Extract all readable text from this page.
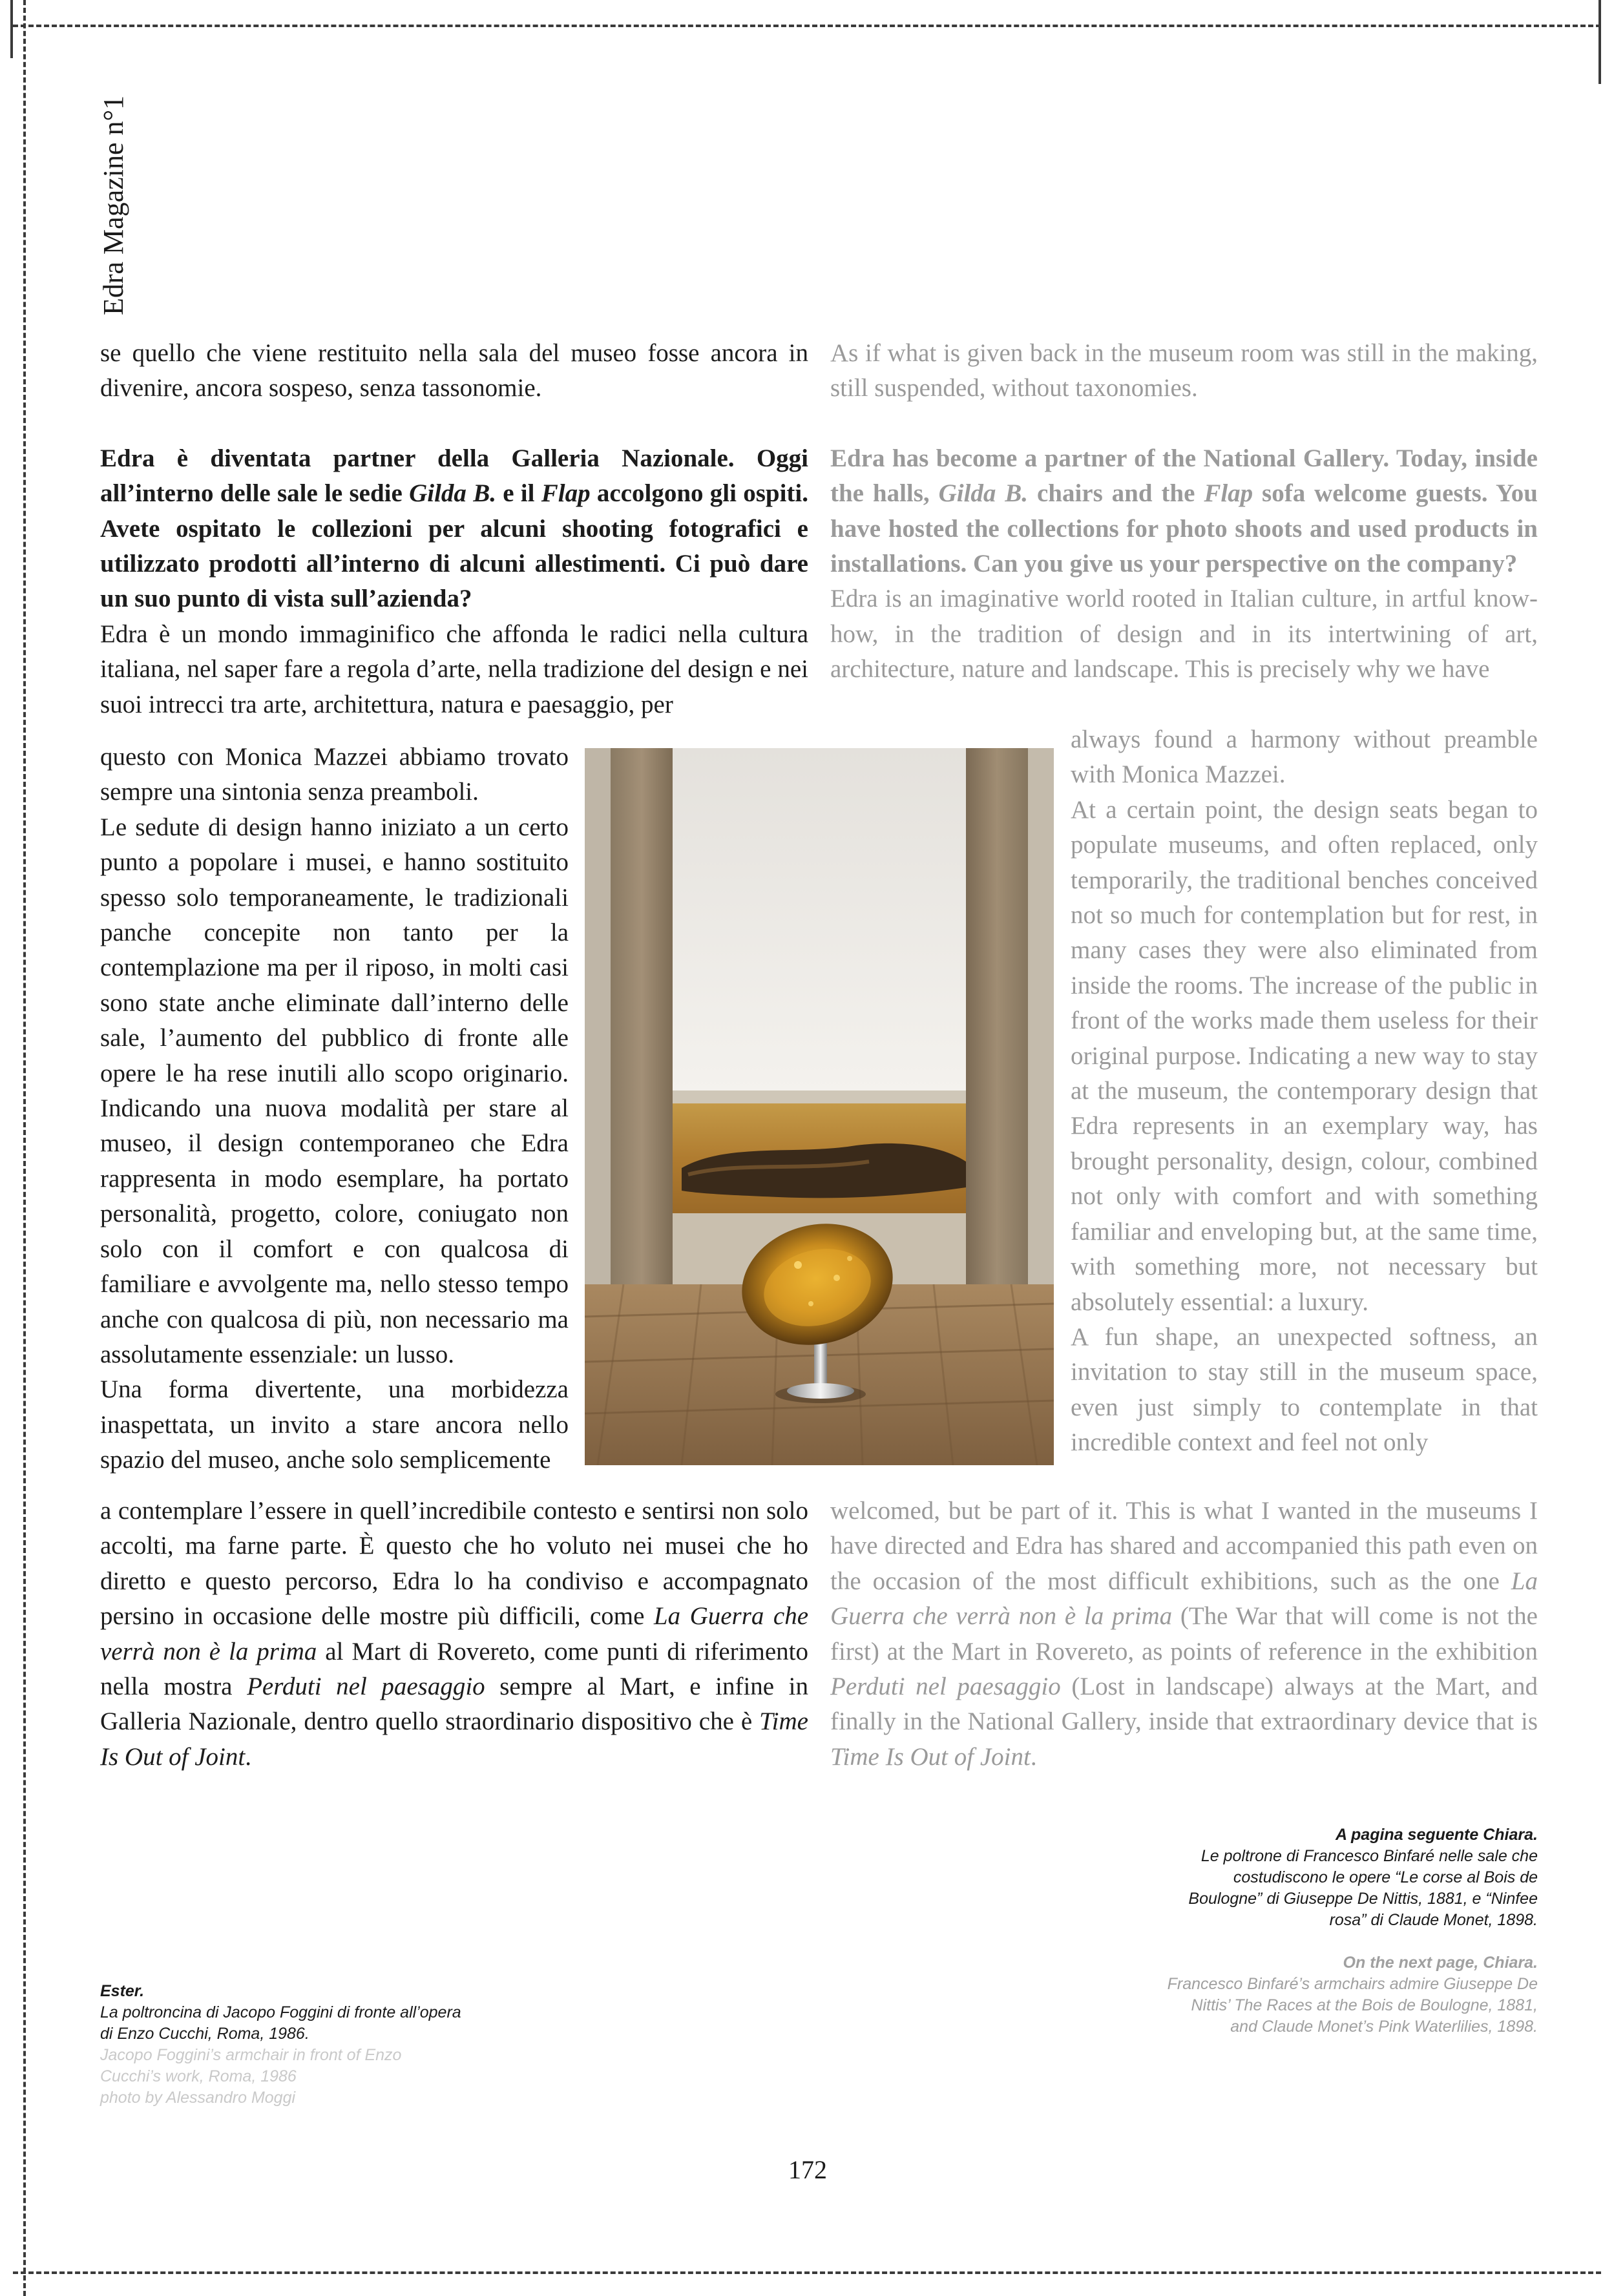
Edra Magazine n°1

se quello che viene restituito nella sala del museo fosse ancora in divenire, ancora sospeso, senza tassonomie.

Edra è diventata partner della Galleria Nazionale. Oggi all’interno delle sale le sedie Gilda B. e il Flap accolgono gli ospiti. Avete ospitato le collezioni per alcuni shooting fotografici e utilizzato prodotti all’interno di alcuni allestimenti. Ci può dare un suo punto di vista sull’azienda?

Edra è un mondo immaginifico che affonda le radici nella cultura italiana, nel saper fare a regola d’arte, nella tradizione del design e nei suoi intrecci tra arte, architettura, natura e paesaggio, per

questo con Monica Mazzei abbiamo trovato sempre una sintonia senza preamboli.

Le sedute di design hanno iniziato a un certo punto a popolare i musei, e hanno sostituito spesso solo temporaneamente, le tradizionali panche concepite non tanto per la contemplazione ma per il riposo, in molti casi sono state anche eliminate dall’interno delle sale, l’aumento del pubblico di fronte alle opere le ha rese inutili allo scopo originario. Indicando una nuova modalità per stare al museo, il design contemporaneo che Edra rappresenta in modo esemplare, ha portato personalità, progetto, colore, coniugato non solo con il comfort e con qualcosa di familiare e avvolgente ma, nello stesso tempo anche con qualcosa di più, non necessario ma assolutamente essenziale: un lusso.

Una forma divertente, una morbidezza inaspettata, un invito a stare ancora nello spazio del museo, anche solo semplicemente

a contemplare l’essere in quell’incredibile contesto e sentirsi non solo accolti, ma farne parte. È questo che ho voluto nei musei che ho diretto e questo percorso, Edra lo ha condiviso e accompagnato persino in occasione delle mostre più difficili, come La Guerra che verrà non è la prima al Mart di Rovereto, come punti di riferimento nella mostra Perduti nel paesaggio sempre al Mart, e infine in Galleria Nazionale, dentro quello straordinario dispositivo che è Time Is Out of Joint.

As if what is given back in the museum room was still in the making, still suspended, without taxonomies.

Edra has become a partner of the National Gallery. Today, inside the halls, Gilda B. chairs and the Flap sofa welcome guests. You have hosted the collections for photo shoots and used products in installations. Can you give us your perspective on the company?

Edra is an imaginative world rooted in Italian culture, in artful know-how, in the tradition of design and in its intertwining of art, architecture, nature and landscape. This is precisely why we have

always found a harmony without preamble with Monica Mazzei.

At a certain point, the design seats began to populate museums, and often replaced, only temporarily, the traditional benches conceived not so much for contemplation but for rest, in many cases they were also eliminated from inside the rooms. The increase of the public in front of the works made them useless for their original purpose. Indicating a new way to stay at the museum, the contemporary design that Edra represents in an exemplary way, has brought personality, design, colour, combined not only with comfort and with something familiar and enveloping but, at the same time, with something more, not necessary but absolutely essential: a luxury.

A fun shape, an unexpected softness, an invitation to stay still in the museum space, even just simply to contemplate in that incredible context and feel not only

welcomed, but be part of it. This is what I wanted in the museums I have directed and Edra has shared and accompanied this path even on the occasion of the most difficult exhibitions, such as the one La Guerra che verrà non è la prima (The War that will come is not the first) at the Mart in Rovereto, as points of reference in the exhibition Perduti nel paesaggio (Lost in landscape) always at the Mart, and finally in the National Gallery, inside that extraordinary device that is Time Is Out of Joint.

Ester.
La poltroncina di Jacopo Foggini di fronte all’opera di Enzo Cucchi, Roma, 1986.
Jacopo Foggini’s armchair in front of Enzo Cucchi’s work, Roma, 1986
photo by Alessandro Moggi
A pagina seguente Chiara.
Le poltrone di Francesco Binfaré nelle sale che costudiscono le opere “Le corse al Bois de Boulogne” di Giuseppe De Nittis, 1881, e “Ninfee rosa” di Claude Monet, 1898.
On the next page, Chiara.
Francesco Binfaré’s armchairs admire Giuseppe De Nittis’ The Races at the Bois de Boulogne, 1881, and Claude Monet’s Pink Waterlilies, 1898.
172
